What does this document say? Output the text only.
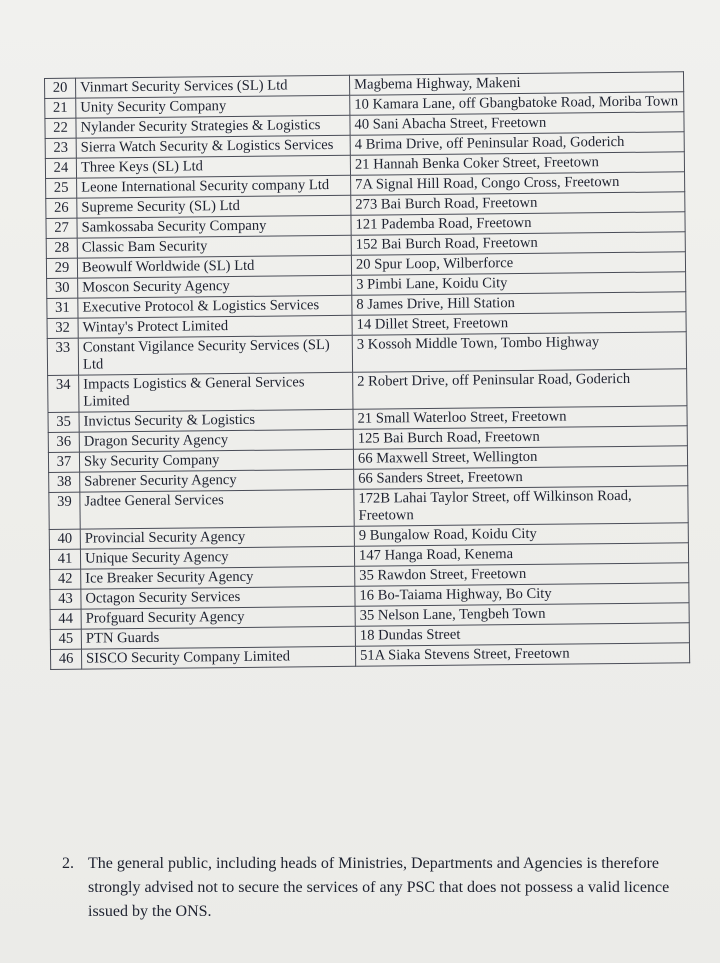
20	Vinmart Security Services (SL) Ltd	Magbema Highway, Makeni
21	Unity Security Company	10 Kamara Lane, off Gbangbatoke Road, Moriba Town
22	Nylander Security Strategies & Logistics	40 Sani Abacha Street, Freetown
23	Sierra Watch Security & Logistics Services	4 Brima Drive, off Peninsular Road, Goderich
24	Three Keys (SL) Ltd	21 Hannah Benka Coker Street, Freetown
25	Leone International Security company Ltd	7A Signal Hill Road, Congo Cross, Freetown
26	Supreme Security (SL) Ltd	273 Bai Burch Road, Freetown
27	Samkossaba Security Company	121 Pademba Road, Freetown
28	Classic Bam Security	152 Bai Burch Road, Freetown
29	Beowulf Worldwide (SL) Ltd	20 Spur Loop, Wilberforce
30	Moscon Security Agency	3 Pimbi Lane, Koidu City
31	Executive Protocol & Logistics Services	8 James Drive, Hill Station
32	Wintay's Protect Limited	14 Dillet Street, Freetown
33	Constant Vigilance Security Services (SL) Ltd	3 Kossoh Middle Town, Tombo Highway
34	Impacts Logistics & General Services Limited	2 Robert Drive, off Peninsular Road, Goderich
35	Invictus Security & Logistics	21 Small Waterloo Street, Freetown
36	Dragon Security Agency	125 Bai Burch Road, Freetown
37	Sky Security Company	66 Maxwell Street, Wellington
38	Sabrener Security Agency	66 Sanders Street, Freetown
39	Jadtee General Services	172B Lahai Taylor Street, off Wilkinson Road, Freetown
40	Provincial Security Agency	9 Bungalow Road, Koidu City
41	Unique Security Agency	147 Hanga Road, Kenema
42	Ice Breaker Security Agency	35 Rawdon Street, Freetown
43	Octagon Security Services	16 Bo-Taiama Highway, Bo City
44	Profguard Security Agency	35 Nelson Lane, Tengbeh Town
45	PTN Guards	18 Dundas Street
46	SISCO Security Company Limited	51A Siaka Stevens Street, Freetown
2. The general public, including heads of Ministries, Departments and Agencies is therefore strongly advised not to secure the services of any PSC that does not possess a valid licence issued by the ONS.
